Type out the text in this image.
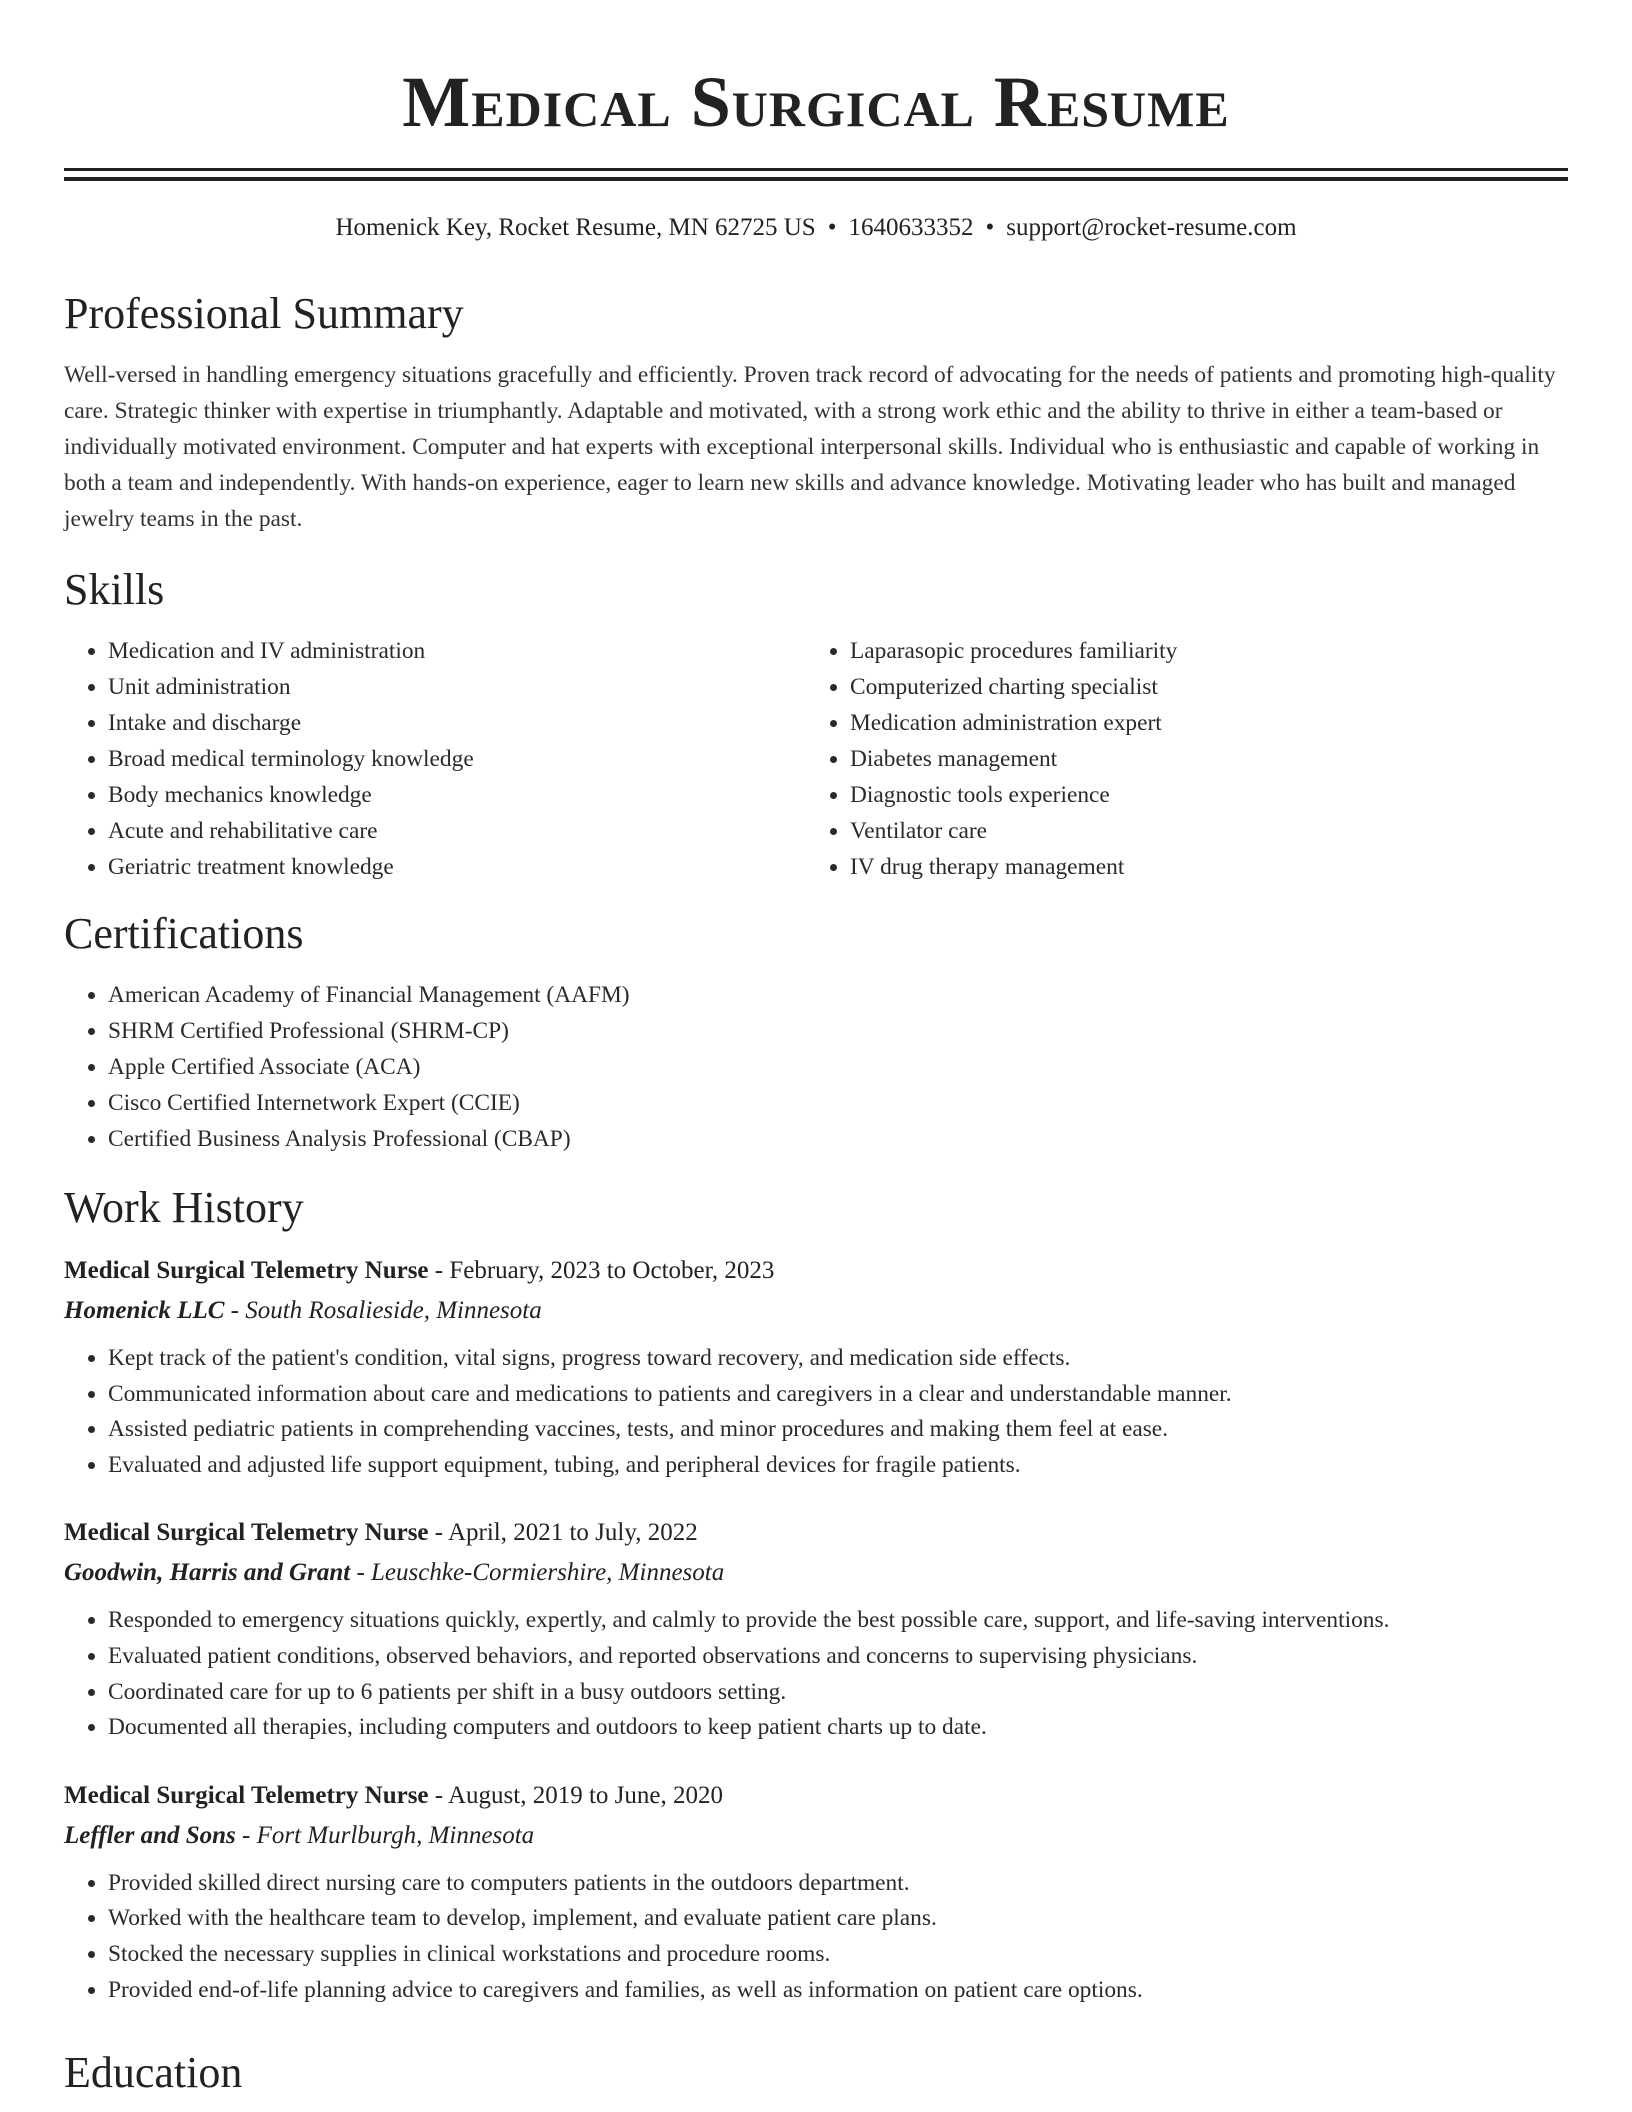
Medical Surgical Resume
Homenick Key, Rocket Resume, MN 62725 US • 1640633352 • support@rocket-resume.com
Professional Summary
Well-versed in handling emergency situations gracefully and efficiently. Proven track record of advocating for the needs of patients and promoting high-quality care. Strategic thinker with expertise in triumphantly. Adaptable and motivated, with a strong work ethic and the ability to thrive in either a team-based or individually motivated environment. Computer and hat experts with exceptional interpersonal skills. Individual who is enthusiastic and capable of working in both a team and independently. With hands-on experience, eager to learn new skills and advance knowledge. Motivating leader who has built and managed jewelry teams in the past.
Skills
• Medication and IV administration
• Unit administration
• Intake and discharge
• Broad medical terminology knowledge
• Body mechanics knowledge
• Acute and rehabilitative care
• Geriatric treatment knowledge
• Laparasopic procedures familiarity
• Computerized charting specialist
• Medication administration expert
• Diabetes management
• Diagnostic tools experience
• Ventilator care
• IV drug therapy management
Certifications
• American Academy of Financial Management (AAFM)
• SHRM Certified Professional (SHRM-CP)
• Apple Certified Associate (ACA)
• Cisco Certified Internetwork Expert (CCIE)
• Certified Business Analysis Professional (CBAP)
Work History
Medical Surgical Telemetry Nurse - February, 2023 to October, 2023
Homenick LLC - South Rosalieside, Minnesota
• Kept track of the patient's condition, vital signs, progress toward recovery, and medication side effects.
• Communicated information about care and medications to patients and caregivers in a clear and understandable manner.
• Assisted pediatric patients in comprehending vaccines, tests, and minor procedures and making them feel at ease.
• Evaluated and adjusted life support equipment, tubing, and peripheral devices for fragile patients.
Medical Surgical Telemetry Nurse - April, 2021 to July, 2022
Goodwin, Harris and Grant - Leuschke-Cormiershire, Minnesota
• Responded to emergency situations quickly, expertly, and calmly to provide the best possible care, support, and life-saving interventions.
• Evaluated patient conditions, observed behaviors, and reported observations and concerns to supervising physicians.
• Coordinated care for up to 6 patients per shift in a busy outdoors setting.
• Documented all therapies, including computers and outdoors to keep patient charts up to date.
Medical Surgical Telemetry Nurse - August, 2019 to June, 2020
Leffler and Sons - Fort Murlburgh, Minnesota
• Provided skilled direct nursing care to computers patients in the outdoors department.
• Worked with the healthcare team to develop, implement, and evaluate patient care plans.
• Stocked the necessary supplies in clinical workstations and procedure rooms.
• Provided end-of-life planning advice to caregivers and families, as well as information on patient care options.
Education
